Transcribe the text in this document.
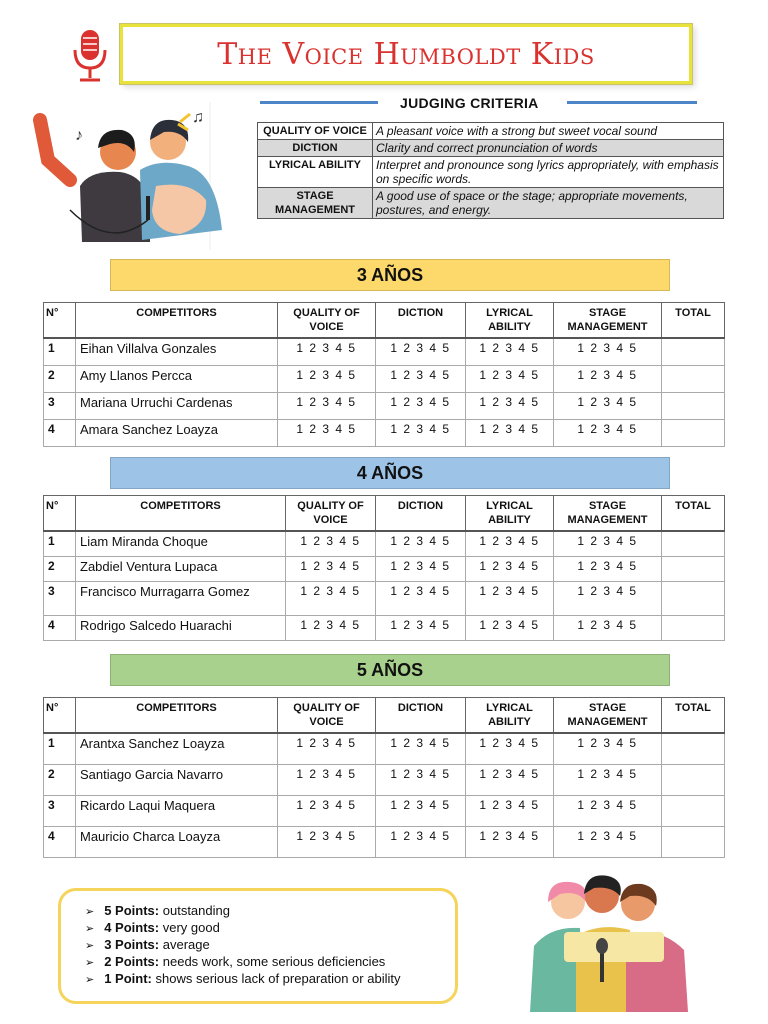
The Voice Humboldt Kids
♪
♫
JUDGING CRITERIA
QUALITY OF VOICE	A pleasant voice with a strong but sweet vocal sound
DICTION	Clarity and correct pronunciation of words
LYRICAL ABILITY	Interpret and pronounce song lyrics appropriately, with emphasis on specific words.
STAGE MANAGEMENT	A good use of space or the stage; appropriate movements, postures, and energy.
3 AÑOS
N°	COMPETITORS	QUALITY OF VOICE	DICTION	LYRICAL ABILITY	STAGE MANAGEMENT	TOTAL
1	Eihan Villalva Gonzales	1 2 3 4 5	1 2 3 4 5	1 2 3 4 5	1 2 3 4 5	
2	Amy Llanos Percca	1 2 3 4 5	1 2 3 4 5	1 2 3 4 5	1 2 3 4 5	
3	Mariana Urruchi Cardenas	1 2 3 4 5	1 2 3 4 5	1 2 3 4 5	1 2 3 4 5	
4	Amara Sanchez Loayza	1 2 3 4 5	1 2 3 4 5	1 2 3 4 5	1 2 3 4 5	
4 AÑOS
N°	COMPETITORS	QUALITY OF VOICE	DICTION	LYRICAL ABILITY	STAGE MANAGEMENT	TOTAL
1	Liam Miranda Choque	1 2 3 4 5	1 2 3 4 5	1 2 3 4 5	1 2 3 4 5	
2	Zabdiel Ventura Lupaca	1 2 3 4 5	1 2 3 4 5	1 2 3 4 5	1 2 3 4 5	
3	Francisco Murragarra Gomez	1 2 3 4 5	1 2 3 4 5	1 2 3 4 5	1 2 3 4 5	
4	Rodrigo Salcedo Huarachi	1 2 3 4 5	1 2 3 4 5	1 2 3 4 5	1 2 3 4 5	
5 AÑOS
N°	COMPETITORS	QUALITY OF VOICE	DICTION	LYRICAL ABILITY	STAGE MANAGEMENT	TOTAL
1	Arantxa Sanchez Loayza	1 2 3 4 5	1 2 3 4 5	1 2 3 4 5	1 2 3 4 5	
2	Santiago Garcia Navarro	1 2 3 4 5	1 2 3 4 5	1 2 3 4 5	1 2 3 4 5	
3	Ricardo Laqui Maquera	1 2 3 4 5	1 2 3 4 5	1 2 3 4 5	1 2 3 4 5	
4	Mauricio Charca Loayza	1 2 3 4 5	1 2 3 4 5	1 2 3 4 5	1 2 3 4 5	
➢ 5 Points: outstanding
➢ 4 Points: very good
➢ 3 Points: average
➢ 2 Points: needs work, some serious deficiencies
➢ 1 Point: shows serious lack of preparation or ability
